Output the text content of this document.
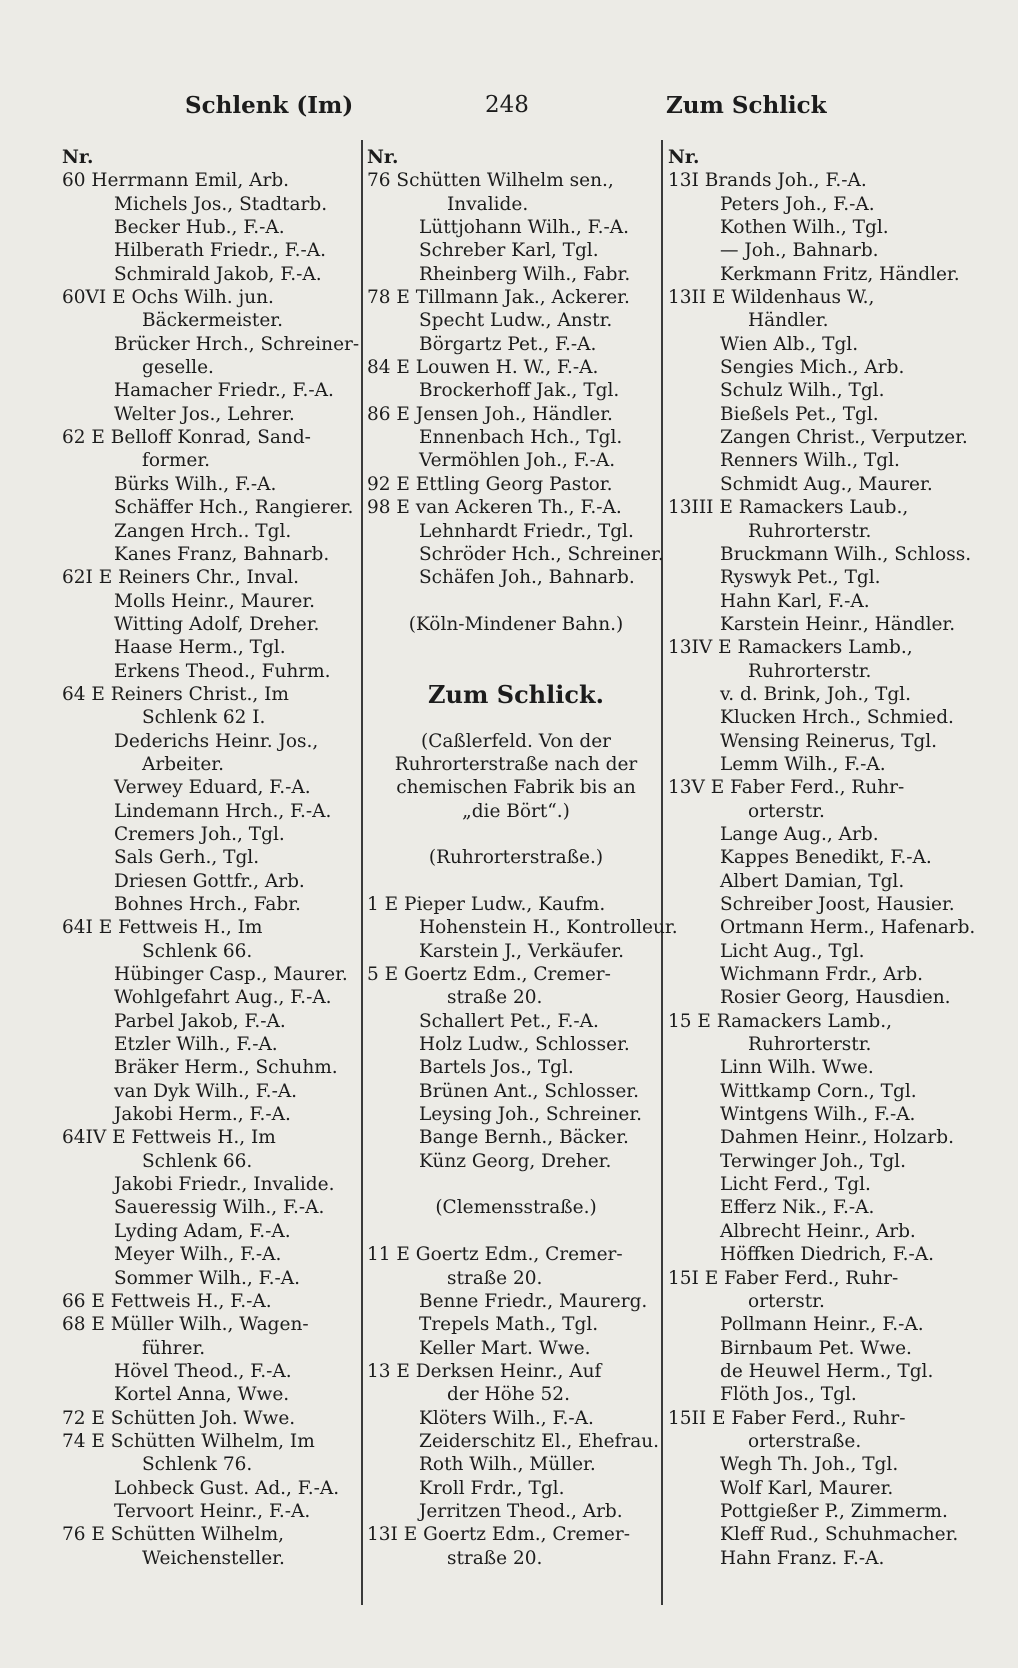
Schlenk (Im)	248	Zum Schlick
Nr.
60 Herrmann Emil, Arb.
Michels Jos., Stadtarb.
Becker Hub., F.-A.
Hilberath Friedr., F.-A.
Schmirald Jakob, F.-A.
60VI E Ochs Wilh. jun.
Bäckermeister.
Brücker Hrch., Schreiner-
geselle.
Hamacher Friedr., F.-A.
Welter Jos., Lehrer.
62 E Belloff Konrad, Sand-
former.
Bürks Wilh., F.-A.
Schäffer Hch., Rangierer.
Zangen Hrch.. Tgl.
Kanes Franz, Bahnarb.
62I E Reiners Chr., Inval.
Molls Heinr., Maurer.
Witting Adolf, Dreher.
Haase Herm., Tgl.
Erkens Theod., Fuhrm.
64 E Reiners Christ., Im
Schlenk 62 I.
Dederichs Heinr. Jos.,
Arbeiter.
Verwey Eduard, F.-A.
Lindemann Hrch., F.-A.
Cremers Joh., Tgl.
Sals Gerh., Tgl.
Driesen Gottfr., Arb.
Bohnes Hrch., Fabr.
64I E Fettweis H., Im
Schlenk 66.
Hübinger Casp., Maurer.
Wohlgefahrt Aug., F.-A.
Parbel Jakob, F.-A.
Etzler Wilh., F.-A.
Bräker Herm., Schuhm.
van Dyk Wilh., F.-A.
Jakobi Herm., F.-A.
64IV E Fettweis H., Im
Schlenk 66.
Jakobi Friedr., Invalide.
Saueressig Wilh., F.-A.
Lyding Adam, F.-A.
Meyer Wilh., F.-A.
Sommer Wilh., F.-A.
66 E Fettweis H., F.-A.
68 E Müller Wilh., Wagen-
führer.
Hövel Theod., F.-A.
Kortel Anna, Wwe.
72 E Schütten Joh. Wwe.
74 E Schütten Wilhelm, Im
Schlenk 76.
Lohbeck Gust. Ad., F.-A.
Tervoort Heinr., F.-A.
76 E Schütten Wilhelm,
Weichensteller.
Nr.
76 Schütten Wilhelm sen.,
Invalide.
Lüttjohann Wilh., F.-A.
Schreber Karl, Tgl.
Rheinberg Wilh., Fabr.
78 E Tillmann Jak., Ackerer.
Specht Ludw., Anstr.
Börgartz Pet., F.-A.
84 E Louwen H. W., F.-A.
Brockerhoff Jak., Tgl.
86 E Jensen Joh., Händler.
Ennenbach Hch., Tgl.
Vermöhlen Joh., F.-A.
92 E Ettling Georg Pastor.
98 E van Ackeren Th., F.-A.
Lehnhardt Friedr., Tgl.
Schröder Hch., Schreiner.
Schäfen Joh., Bahnarb.
(Köln-Mindener Bahn.)
Zum Schlick.
(Caßlerfeld. Von der
Ruhrorterstraße nach der
chemischen Fabrik bis an
„die Bört“.)
(Ruhrorterstraße.)
1 E Pieper Ludw., Kaufm.
Hohenstein H., Kontrolleur.
Karstein J., Verkäufer.
5 E Goertz Edm., Cremer-
straße 20.
Schallert Pet., F.-A.
Holz Ludw., Schlosser.
Bartels Jos., Tgl.
Brünen Ant., Schlosser.
Leysing Joh., Schreiner.
Bange Bernh., Bäcker.
Künz Georg, Dreher.
(Clemensstraße.)
11 E Goertz Edm., Cremer-
straße 20.
Benne Friedr., Maurerg.
Trepels Math., Tgl.
Keller Mart. Wwe.
13 E Derksen Heinr., Auf
der Höhe 52.
Klöters Wilh., F.-A.
Zeiderschitz El., Ehefrau.
Roth Wilh., Müller.
Kroll Frdr., Tgl.
Jerritzen Theod., Arb.
13I E Goertz Edm., Cremer-
straße 20.
Nr.
13I Brands Joh., F.-A.
Peters Joh., F.-A.
Kothen Wilh., Tgl.
— Joh., Bahnarb.
Kerkmann Fritz, Händler.
13II E Wildenhaus W.,
Händler.
Wien Alb., Tgl.
Sengies Mich., Arb.
Schulz Wilh., Tgl.
Bießels Pet., Tgl.
Zangen Christ., Verputzer.
Renners Wilh., Tgl.
Schmidt Aug., Maurer.
13III E Ramackers Laub.,
Ruhrorterstr.
Bruckmann Wilh., Schloss.
Ryswyk Pet., Tgl.
Hahn Karl, F.-A.
Karstein Heinr., Händler.
13IV E Ramackers Lamb.,
Ruhrorterstr.
v. d. Brink, Joh., Tgl.
Klucken Hrch., Schmied.
Wensing Reinerus, Tgl.
Lemm Wilh., F.-A.
13V E Faber Ferd., Ruhr-
orterstr.
Lange Aug., Arb.
Kappes Benedikt, F.-A.
Albert Damian, Tgl.
Schreiber Joost, Hausier.
Ortmann Herm., Hafenarb.
Licht Aug., Tgl.
Wichmann Frdr., Arb.
Rosier Georg, Hausdien.
15 E Ramackers Lamb.,
Ruhrorterstr.
Linn Wilh. Wwe.
Wittkamp Corn., Tgl.
Wintgens Wilh., F.-A.
Dahmen Heinr., Holzarb.
Terwinger Joh., Tgl.
Licht Ferd., Tgl.
Efferz Nik., F.-A.
Albrecht Heinr., Arb.
Höffken Diedrich, F.-A.
15I E Faber Ferd., Ruhr-
orterstr.
Pollmann Heinr., F.-A.
Birnbaum Pet. Wwe.
de Heuwel Herm., Tgl.
Flöth Jos., Tgl.
15II E Faber Ferd., Ruhr-
orterstraße.
Wegh Th. Joh., Tgl.
Wolf Karl, Maurer.
Pottgießer P., Zimmerm.
Kleff Rud., Schuhmacher.
Hahn Franz. F.-A.
